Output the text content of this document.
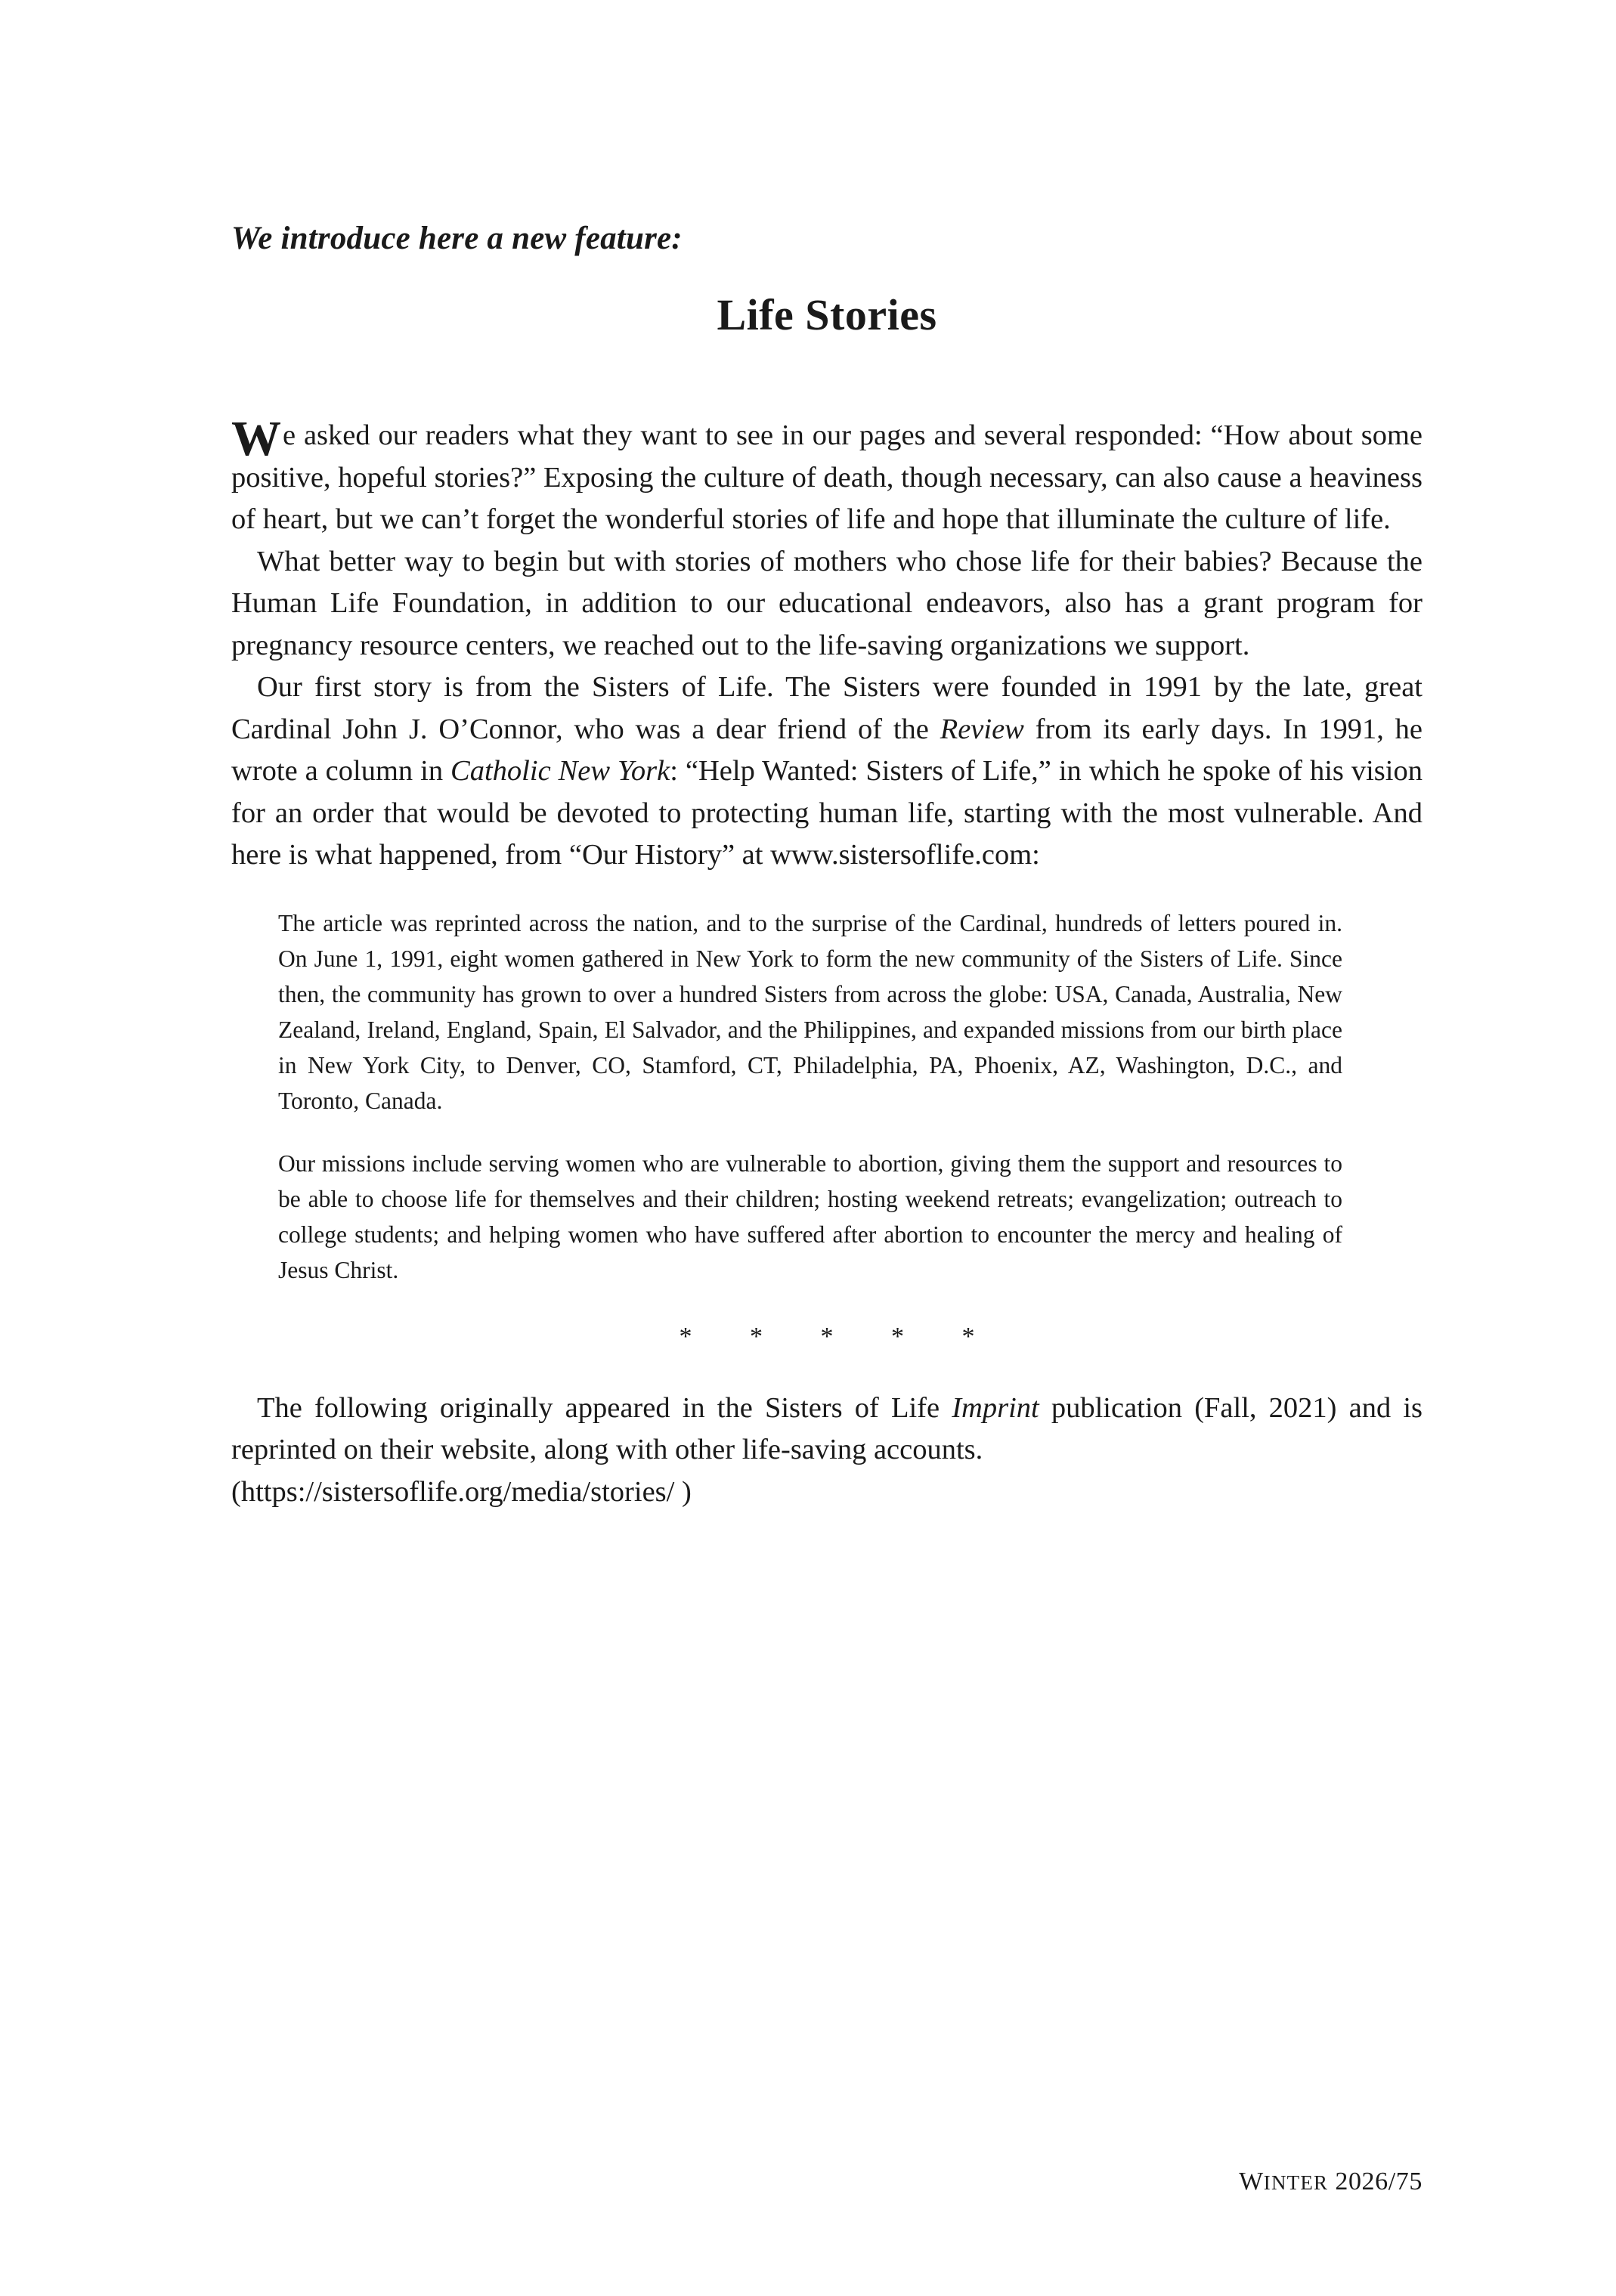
We introduce here a new feature:
Life Stories

We asked our readers what they want to see in our pages and several responded: “How about some positive, hopeful stories?” Exposing the culture of death, though necessary, can also cause a heaviness of heart, but we can’t forget the wonderful stories of life and hope that illuminate the culture of life.

What better way to begin but with stories of mothers who chose life for their babies? Because the Human Life Foundation, in addition to our educational endeavors, also has a grant program for pregnancy resource centers, we reached out to the life-saving organizations we support.

Our first story is from the Sisters of Life. The Sisters were founded in 1991 by the late, great Cardinal John J. O’Connor, who was a dear friend of the Review from its early days. In 1991, he wrote a column in Catholic New York: “Help Wanted: Sisters of Life,” in which he spoke of his vision for an order that would be devoted to protecting human life, starting with the most vulnerable. And here is what happened, from “Our History” at www.sistersoflife.com:

The article was reprinted across the nation, and to the surprise of the Cardinal, hundreds of letters poured in. On June 1, 1991, eight women gathered in New York to form the new community of the Sisters of Life. Since then, the community has grown to over a hundred Sisters from across the globe: USA, Canada, Australia, New Zealand, Ireland, England, Spain, El Salvador, and the Philippines, and expanded missions from our birth place in New York City, to Denver, CO, Stamford, CT, Philadelphia, PA, Phoenix, AZ, Washington, D.C., and Toronto, Canada.

Our missions include serving women who are vulnerable to abortion, giving them the support and resources to be able to choose life for themselves and their children; hosting weekend retreats; evangelization; outreach to college students; and helping women who have suffered after abortion to encounter the mercy and healing of Jesus Christ.

* * * * *

The following originally appeared in the Sisters of Life Imprint publication (Fall, 2021) and is reprinted on their website, along with other life-saving accounts.
(https://sistersoflife.org/media/stories/ )

WINTER 2026/75
